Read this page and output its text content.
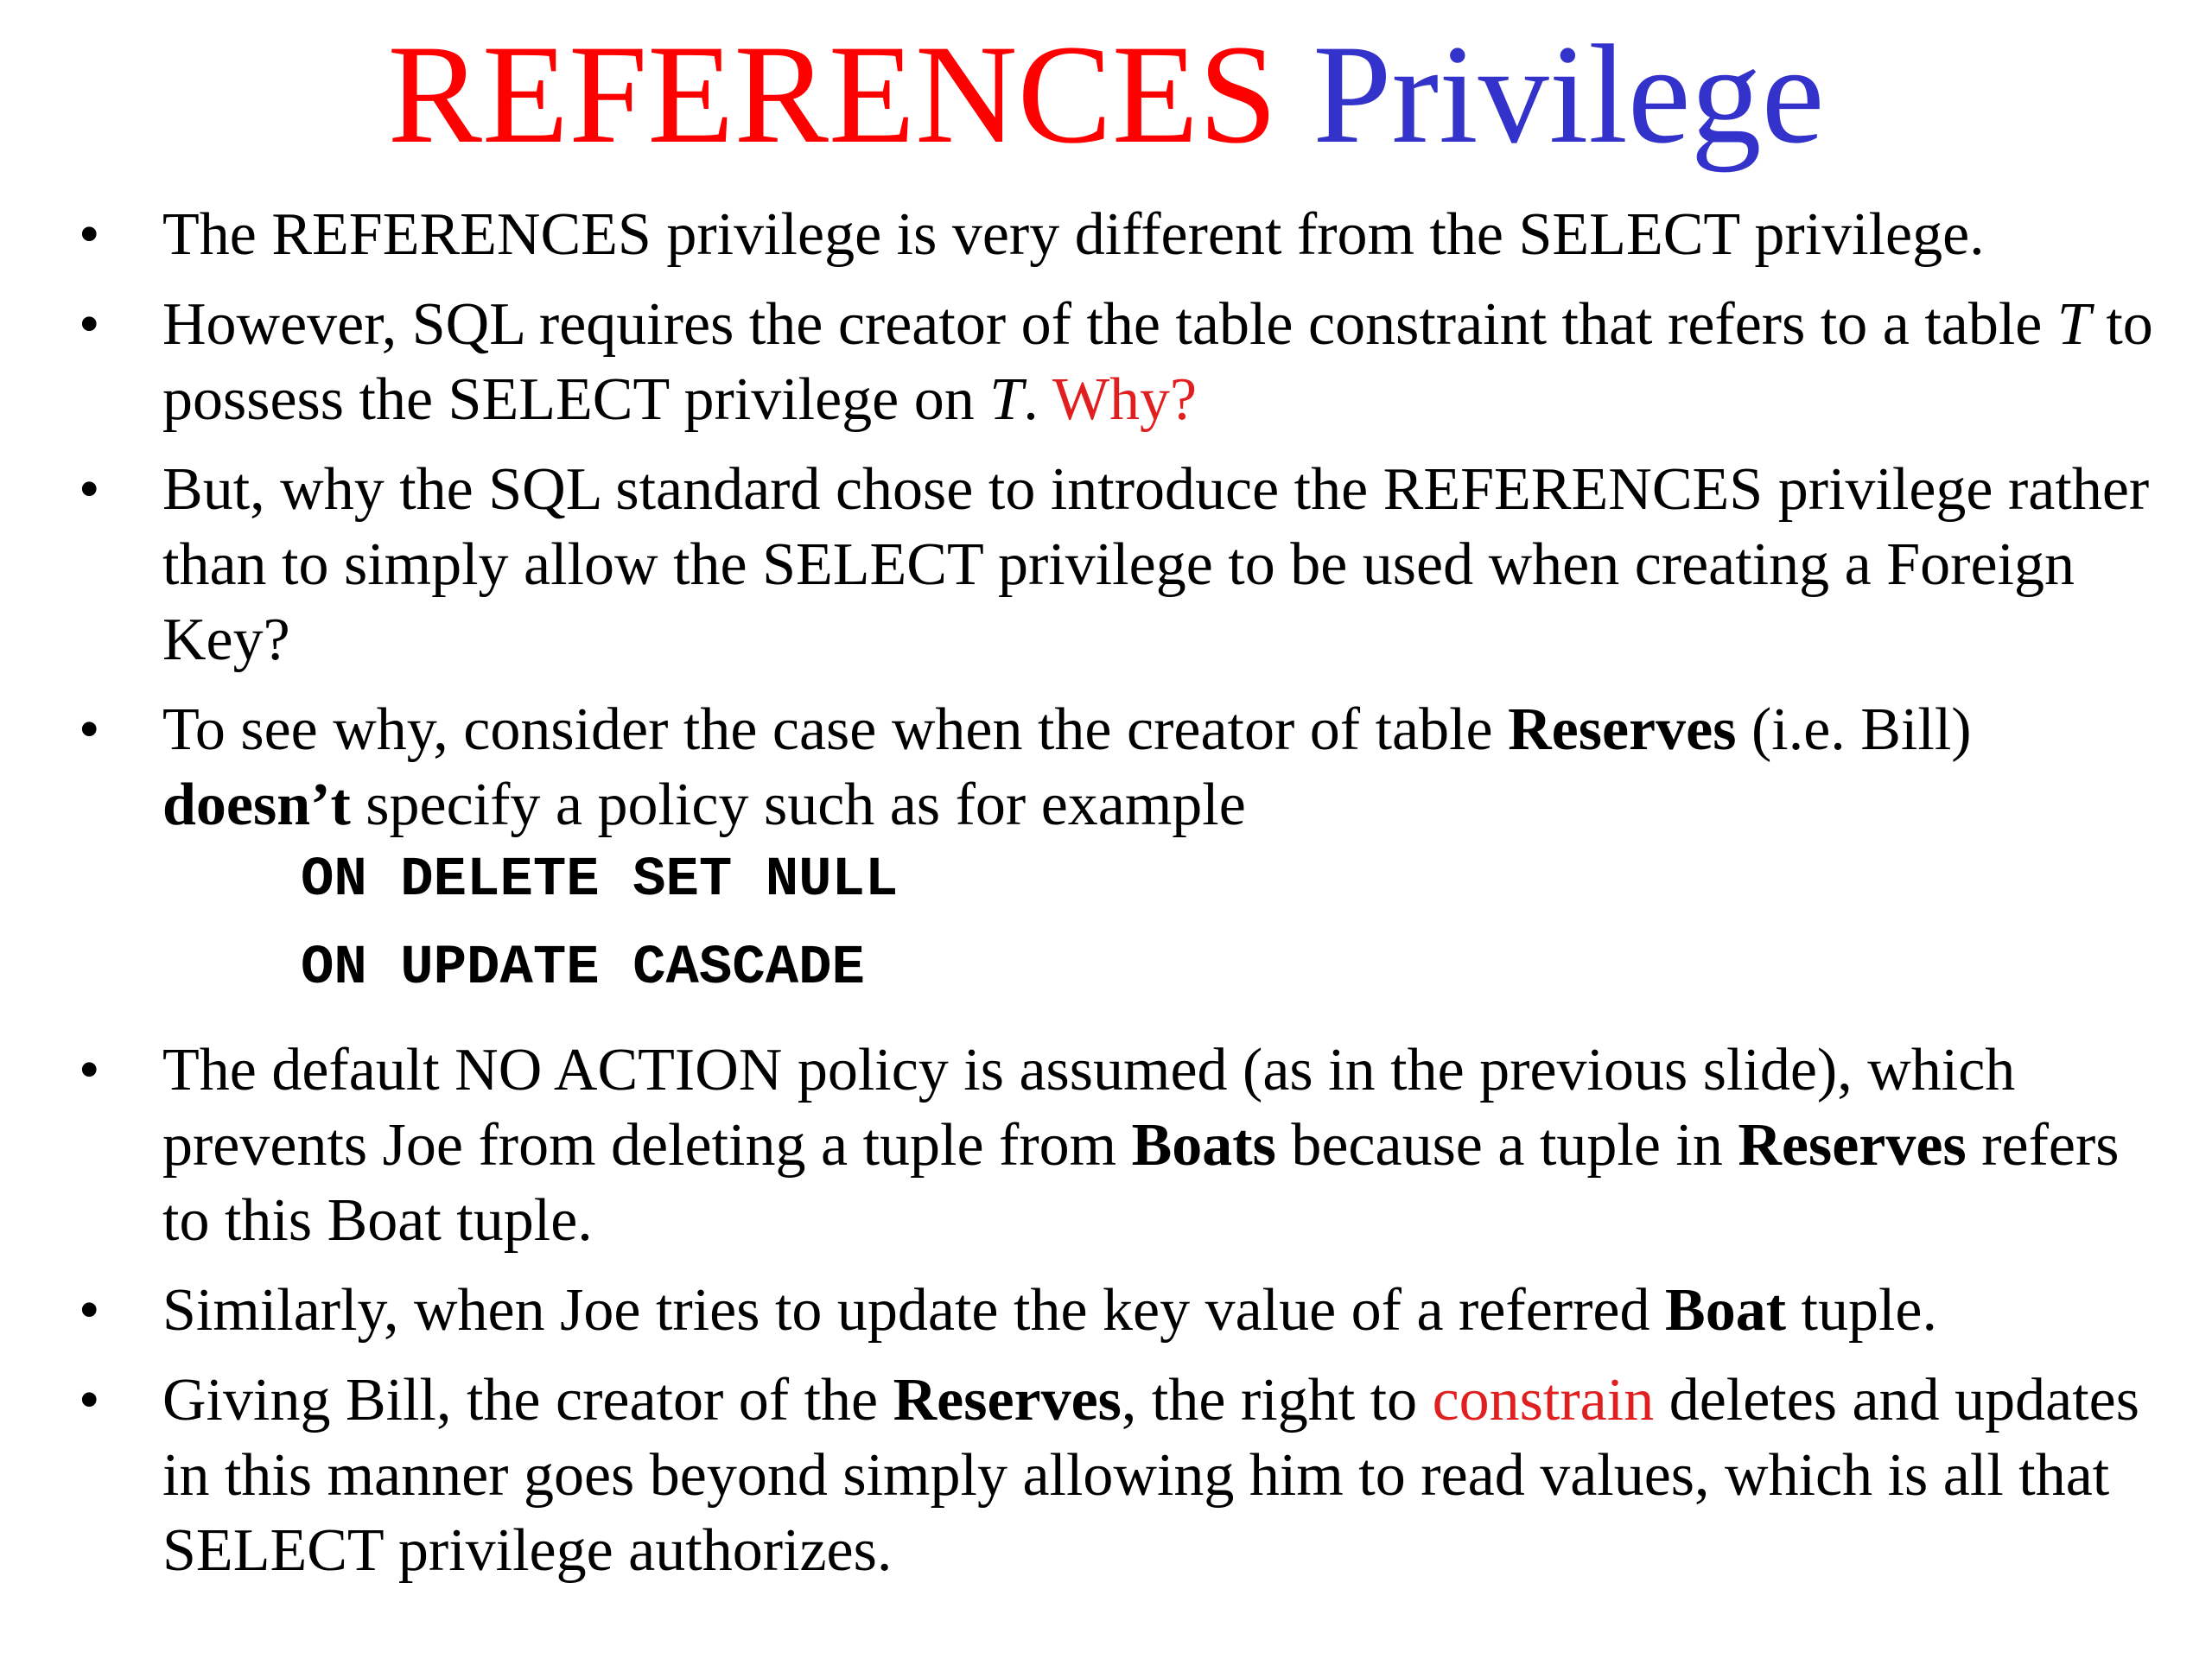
REFERENCES Privilege
• The REFERENCES privilege is very different from the SELECT privilege.
• However, SQL requires the creator of the table constraint that refers to a table T to possess the SELECT privilege on T. Why?
• But, why the SQL standard chose to introduce the REFERENCES privilege rather than to simply allow the SELECT privilege to be used when creating a Foreign Key?
• To see why, consider the case when the creator of table Reserves (i.e. Bill)
doesn’t specify a policy such as for example
ON DELETE SET NULL
ON UPDATE CASCADE
• The default NO ACTION policy is assumed (as in the previous slide), which prevents Joe from deleting a tuple from Boats because a tuple in Reserves refers to this Boat tuple.
• Similarly, when Joe tries to update the key value of a referred Boat tuple.
• Giving Bill, the creator of the Reserves, the right to constrain deletes and updates in this manner goes beyond simply allowing him to read values, which is all that SELECT privilege authorizes.
